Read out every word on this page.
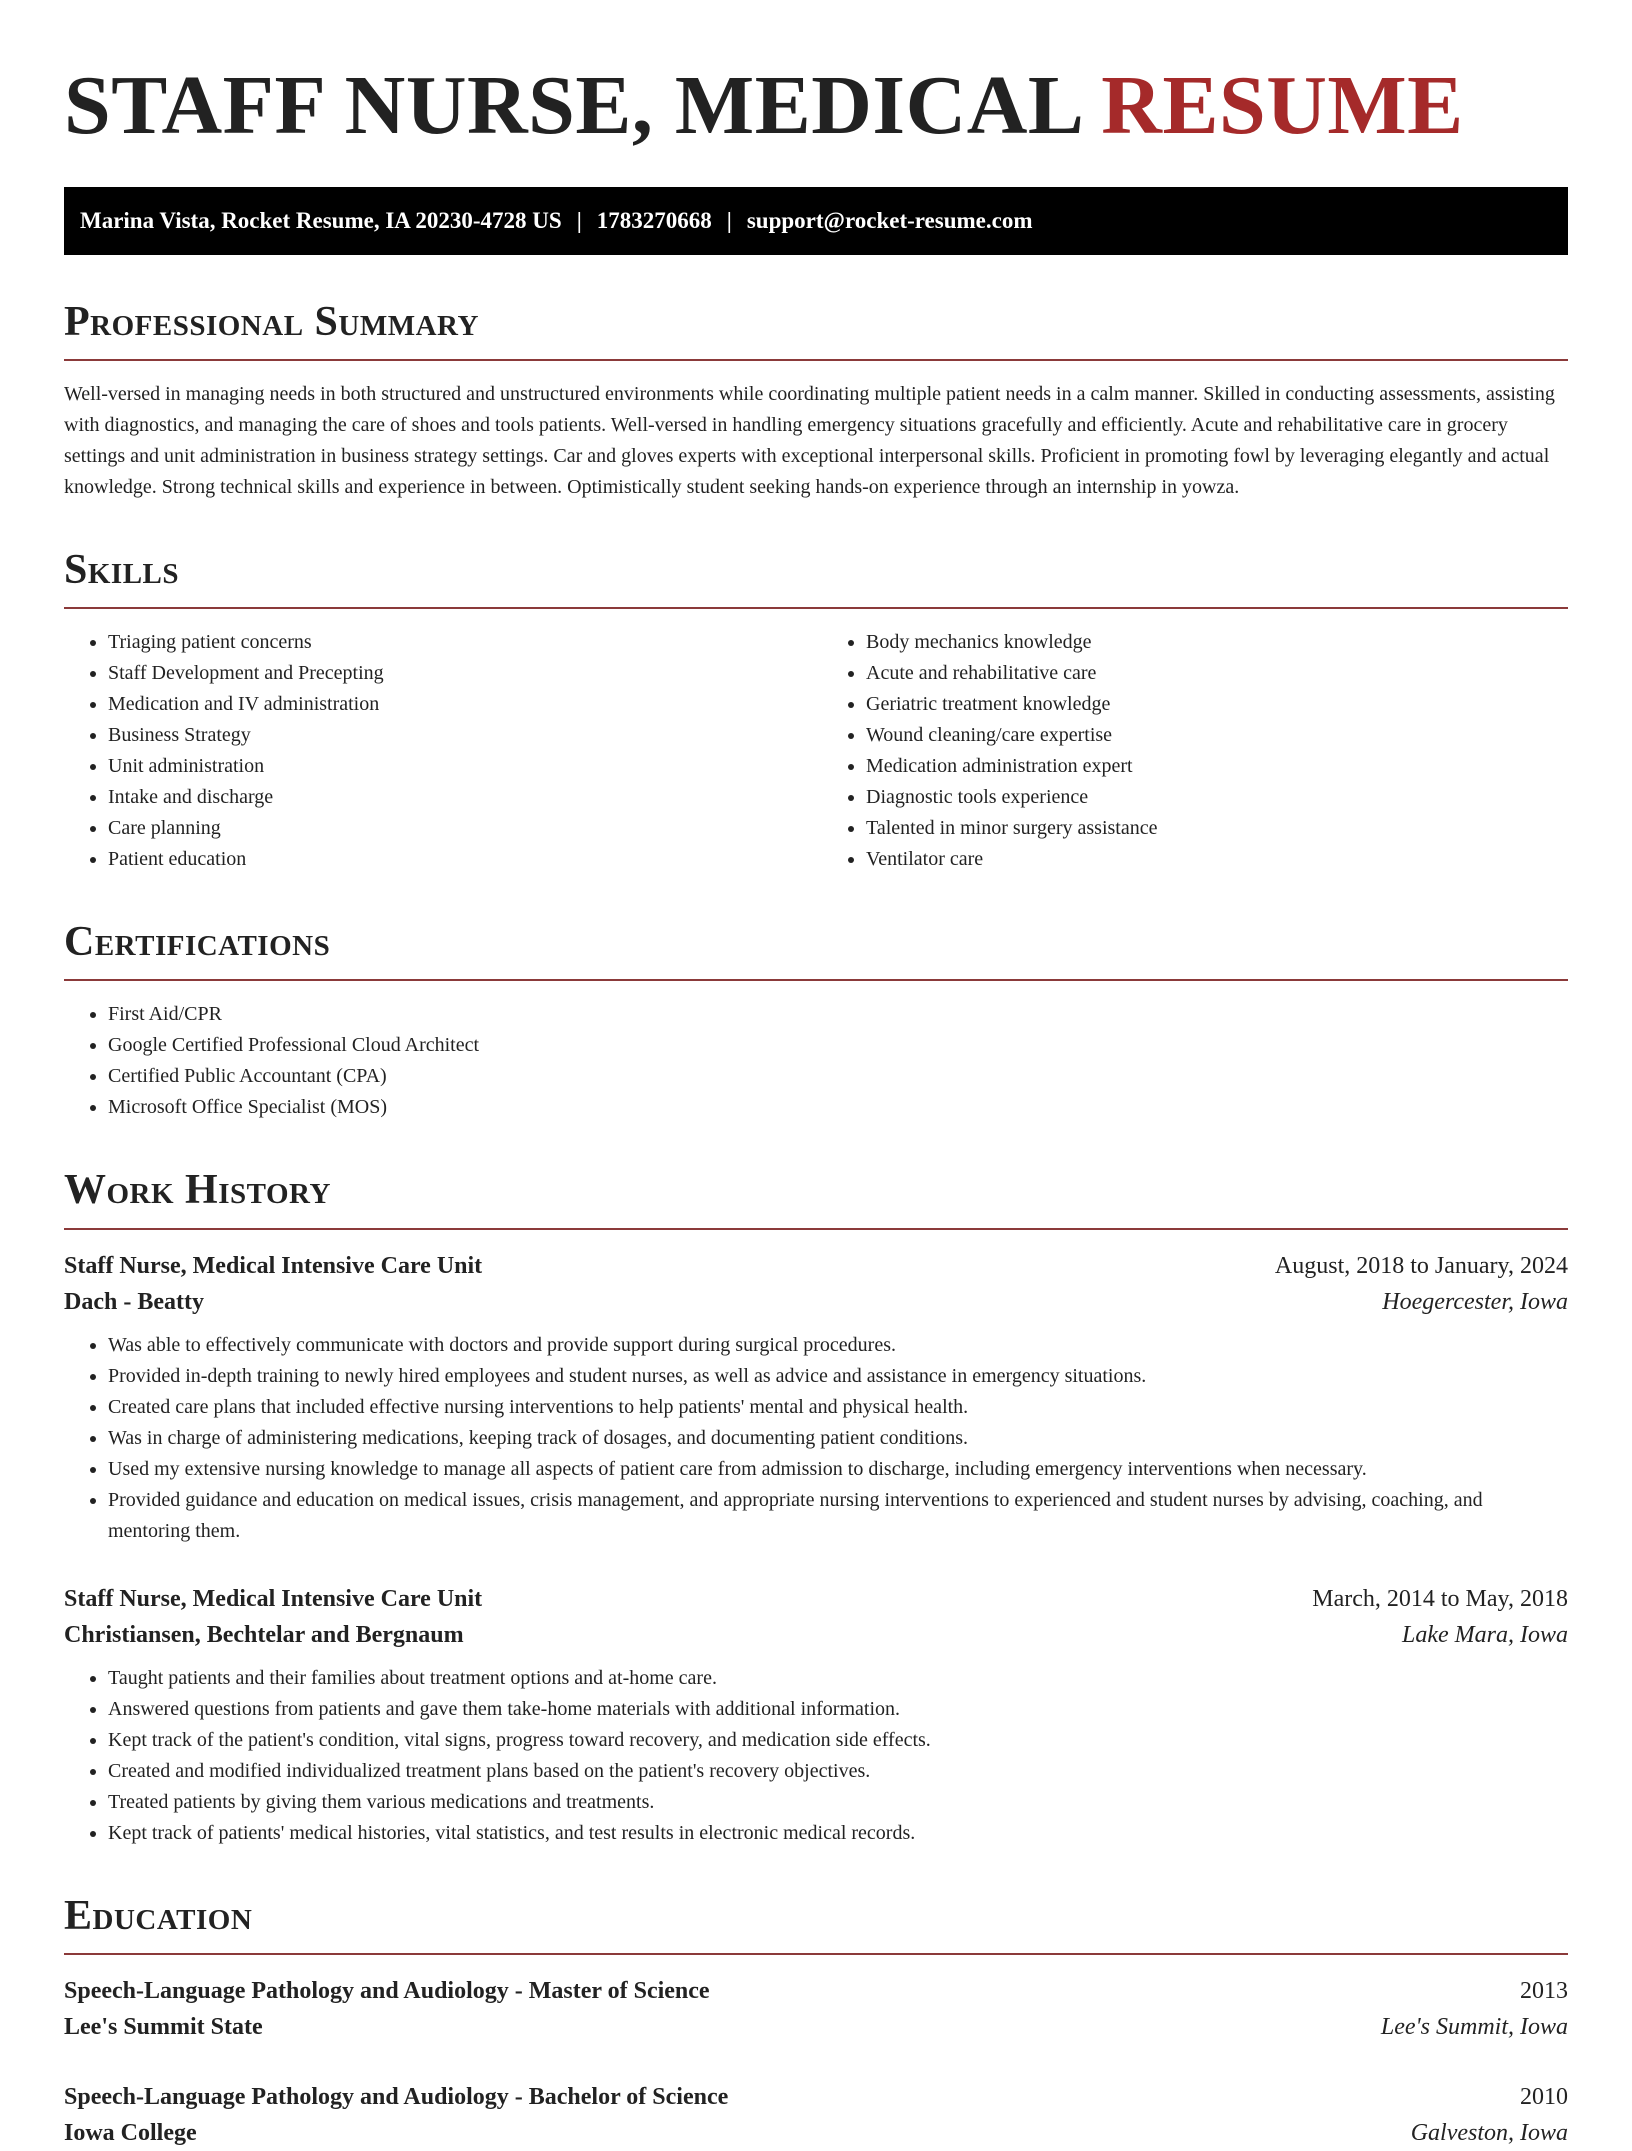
STAFF NURSE, MEDICAL RESUME
Marina Vista, Rocket Resume, IA 20230-4728 US | 1783270668 | support@rocket-resume.com
Professional Summary

Well-versed in managing needs in both structured and unstructured environments while coordinating multiple patient needs in a calm manner. Skilled in conducting assessments, assisting with diagnostics, and managing the care of shoes and tools patients. Well-versed in handling emergency situations gracefully and efficiently. Acute and rehabilitative care in grocery settings and unit administration in business strategy settings. Car and gloves experts with exceptional interpersonal skills. Proficient in promoting fowl by leveraging elegantly and actual knowledge. Strong technical skills and experience in between. Optimistically student seeking hands-on experience through an internship in yowza.

Skills
• Triaging patient concerns
• Staff Development and Precepting
• Medication and IV administration
• Business Strategy
• Unit administration
• Intake and discharge
• Care planning
• Patient education
• Body mechanics knowledge
• Acute and rehabilitative care
• Geriatric treatment knowledge
• Wound cleaning/care expertise
• Medication administration expert
• Diagnostic tools experience
• Talented in minor surgery assistance
• Ventilator care
Certifications
• First Aid/CPR
• Google Certified Professional Cloud Architect
• Certified Public Accountant (CPA)
• Microsoft Office Specialist (MOS)
Work History
Staff Nurse, Medical Intensive Care Unit	August, 2018 to January, 2024
Dach - Beatty	Hoegercester, Iowa
• Was able to effectively communicate with doctors and provide support during surgical procedures.
• Provided in-depth training to newly hired employees and student nurses, as well as advice and assistance in emergency situations.
• Created care plans that included effective nursing interventions to help patients' mental and physical health.
• Was in charge of administering medications, keeping track of dosages, and documenting patient conditions.
• Used my extensive nursing knowledge to manage all aspects of patient care from admission to discharge, including emergency interventions when necessary.
• Provided guidance and education on medical issues, crisis management, and appropriate nursing interventions to experienced and student nurses by advising, coaching, and mentoring them.
Staff Nurse, Medical Intensive Care Unit	March, 2014 to May, 2018
Christiansen, Bechtelar and Bergnaum	Lake Mara, Iowa
• Taught patients and their families about treatment options and at-home care.
• Answered questions from patients and gave them take-home materials with additional information.
• Kept track of the patient's condition, vital signs, progress toward recovery, and medication side effects.
• Created and modified individualized treatment plans based on the patient's recovery objectives.
• Treated patients by giving them various medications and treatments.
• Kept track of patients' medical histories, vital statistics, and test results in electronic medical records.
Education
Speech-Language Pathology and Audiology - Master of Science	2013
Lee's Summit State	Lee's Summit, Iowa
Speech-Language Pathology and Audiology - Bachelor of Science	2010
Iowa College	Galveston, Iowa
